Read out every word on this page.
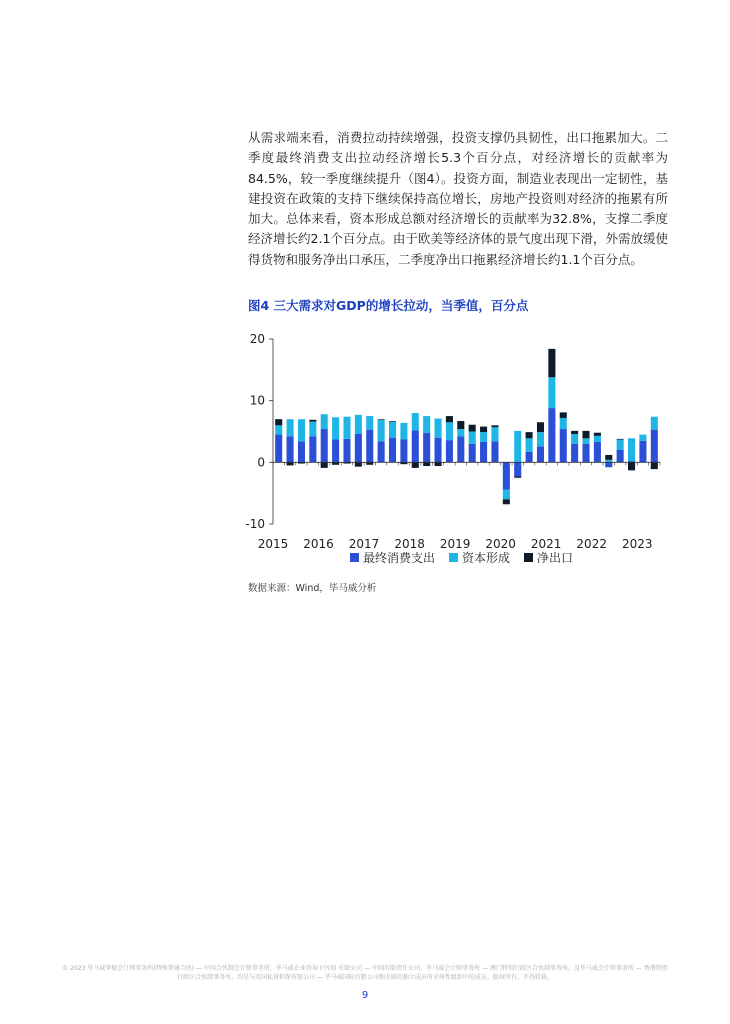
从需求端来看，消费拉动持续增强，投资支撑仍具韧性，出口拖累加大。二季度最终消费支出拉动经济增长5.3个百分点，对经济增长的贡献率为84.5%，较一季度继续提升（图4）。投资方面，制造业表现出一定韧性，基建投资在政策的支持下继续保持高位增长，房地产投资则对经济的拖累有所加大。总体来看，资本形成总额对经济增长的贡献率为32.8%，支撑二季度经济增长约2.1个百分点。由于欧美等经济体的景气度出现下滑，外需放缓使得货物和服务净出口承压，二季度净出口拖累经济增长约1.1个百分点。

图4 三大需求对GDP的增长拉动，当季值，百分点

20
10
0
-10
2015 2016 2017 2018 2019 2020 2021 2022 2023
最终消费支出 资本形成 净出口

数据来源：Wind，毕马威分析

© 2023 毕马威华振会计师事务所(特殊普通合伙) — 中国合伙制会计师事务所，毕马威企业咨询 (中国) 有限公司 — 中国有限责任公司，毕马威会计师事务所 — 澳门特别行政区合伙制事务所，及毕马威会计师事务所 — 香港特别行政区合伙制事务所，均是与英国私营担保有限公司 — 毕马威国际有限公司相关联的独立成员所全球性组织中的成员。版权所有，不得转载。

9
